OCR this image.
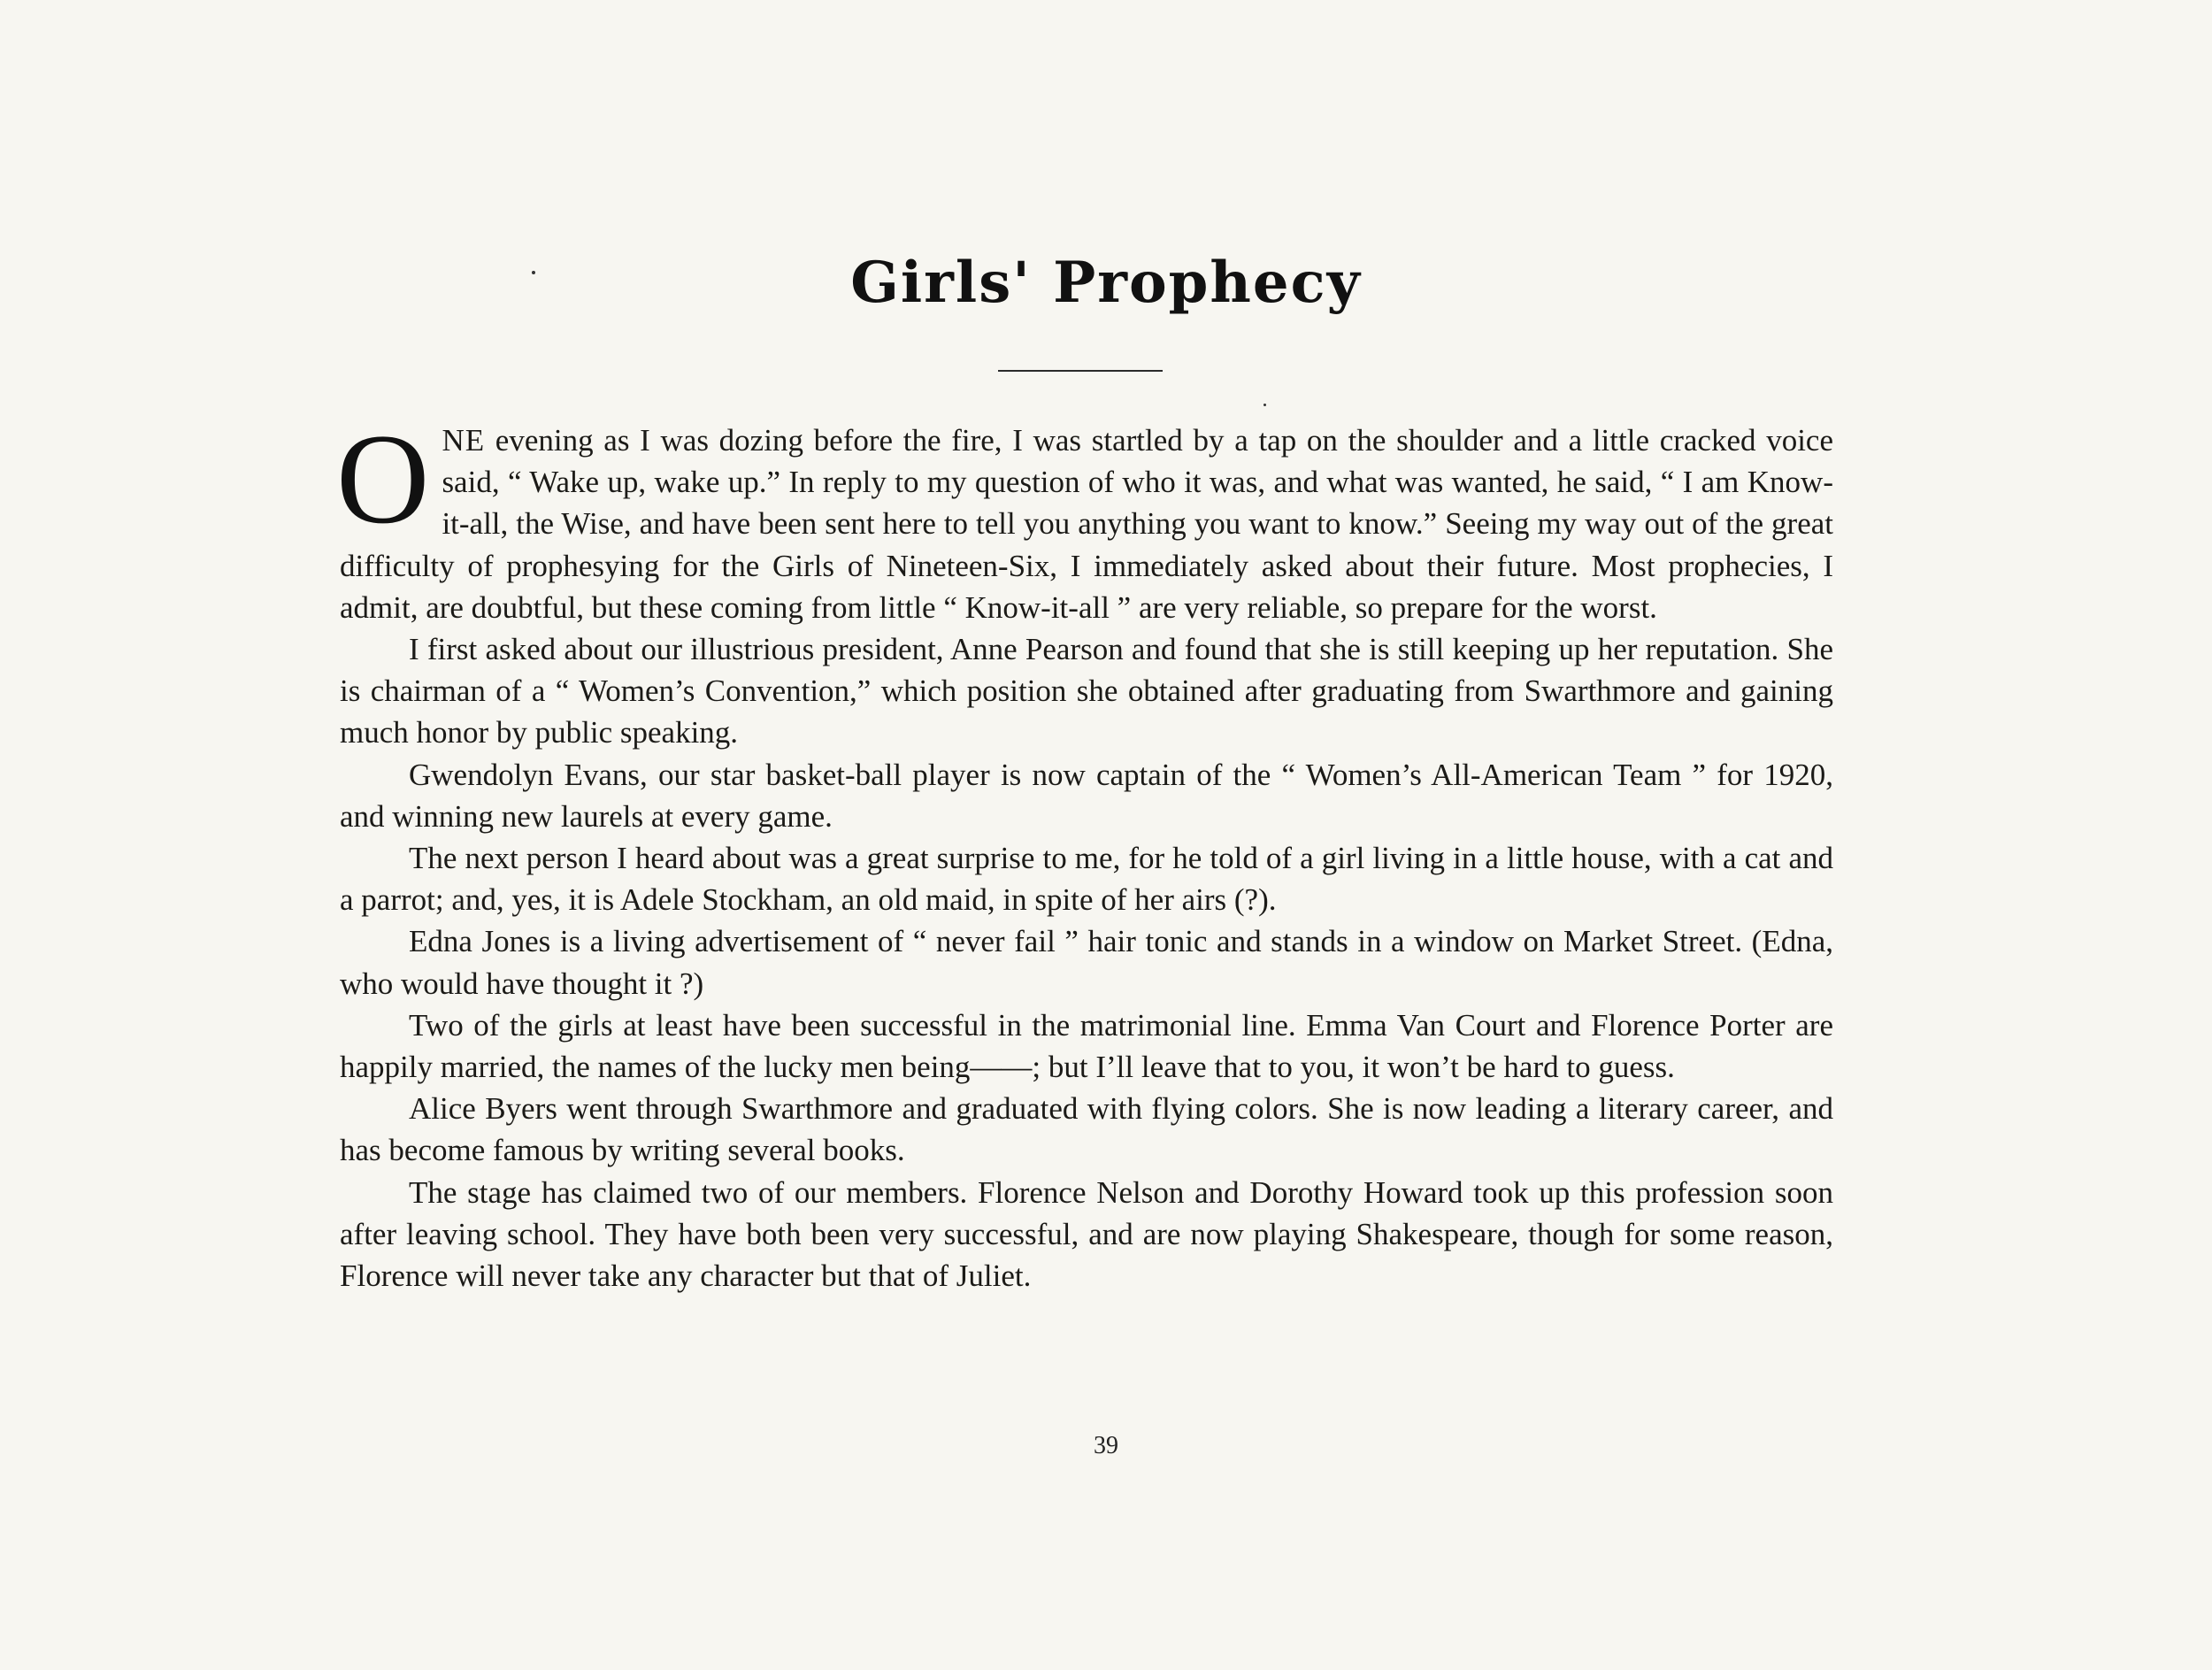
Girls' Prophecy

O NE evening as I was dozing before the fire, I was startled by a tap on the shoulder and a little cracked voice said, “ Wake up, wake up.” In reply to my question of who it was, and what was wanted, he said, “ I am Know-it-all, the Wise, and have been sent here to tell you anything you want to know.” Seeing my way out of the great difficulty of prophesying for the Girls of Nineteen-Six, I immediately asked about their future. Most prophecies, I admit, are doubtful, but these coming from little “ Know-it-all ” are very reliable, so prepare for the worst.

I first asked about our illustrious president, Anne Pearson and found that she is still keeping up her reputation. She is chairman of a “ Women’s Convention,” which position she obtained after graduating from Swarthmore and gaining much honor by public speaking.

Gwendolyn Evans, our star basket-ball player is now captain of the “ Women’s All-American Team ” for 1920, and winning new laurels at every game.

The next person I heard about was a great surprise to me, for he told of a girl living in a little house, with a cat and a parrot; and, yes, it is Adele Stockham, an old maid, in spite of her airs (?).

Edna Jones is a living advertisement of “ never fail ” hair tonic and stands in a window on Market Street. (Edna, who would have thought it ?)

Two of the girls at least have been successful in the matrimonial line. Emma Van Court and Florence Porter are happily married, the names of the lucky men being——; but I’ll leave that to you, it won’t be hard to guess.

Alice Byers went through Swarthmore and graduated with flying colors. She is now leading a literary career, and has become famous by writing several books.

The stage has claimed two of our members. Florence Nelson and Dorothy Howard took up this profession soon after leaving school. They have both been very successful, and are now playing Shakespeare, though for some reason, Florence will never take any character but that of Juliet.

39
